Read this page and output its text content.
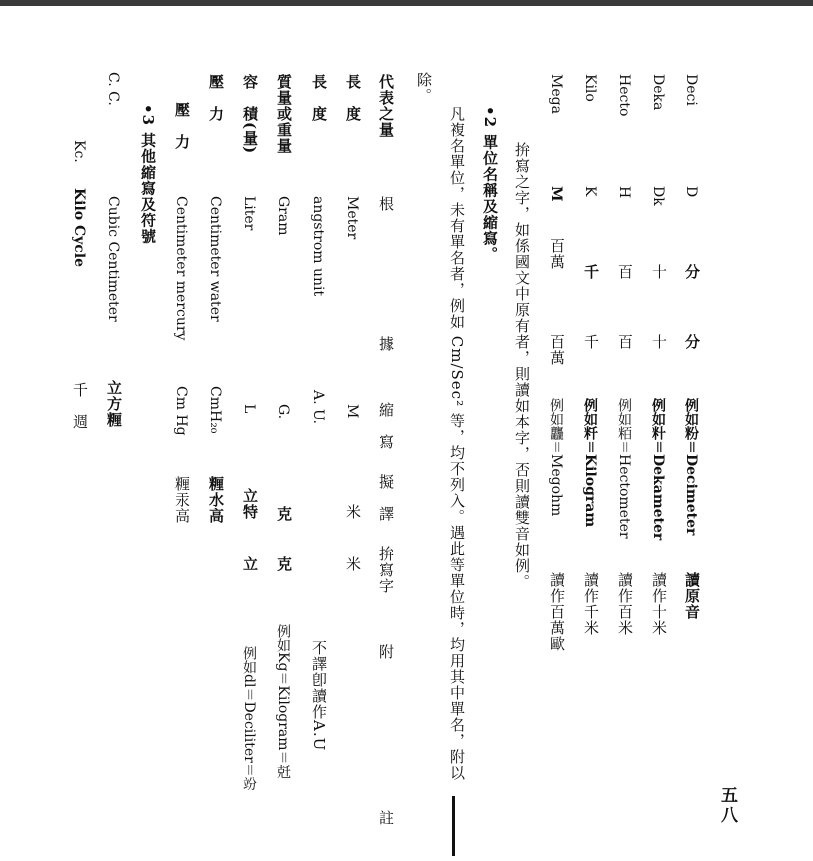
五八
Deci
D
分
分
例如粉＝Decimeter
讀原音
Deka
Dk
十
十
例如籵＝Dekameter
讀作十米
Hecto
H
百
百
例如粨＝Hectometer
讀作百米
Kilo
K
千
千
例如粁＝Kilogram
讀作千米
Mega
M
百萬
百萬
例如龘＝Megohm
讀作百萬歐
拚寫之字，如係國文中原有者，則讀如本字，否則讀雙音如例。
•2 單位名稱及縮寫。
凡複名單位，未有單名者，例如 Cm/Sec² 等，均不列入。遇此等單位時，均用其中單名，附以
除。
代表之量
根
據
縮　寫
擬　譯
拚寫字
附
註
長　度
Meter
M
米
米
長　度
angstrom unit
A. U.
不譯卽讀作A.U
質量或重量
Gram
G.
克
克
例如Kg＝Kilogram＝兛
容　積(量)
Liter
L
立特
立
例如dl＝Deciliter＝竕
壓　力
Centimeter water
CmH₂₀
糎水高
壓　力
Centimeter mercury
Cm Hg
糎汞高
•3 其他縮寫及符號
C. C.
Cubic Centimeter
立方糎
Kc.
Kilo Cycle
千　週
